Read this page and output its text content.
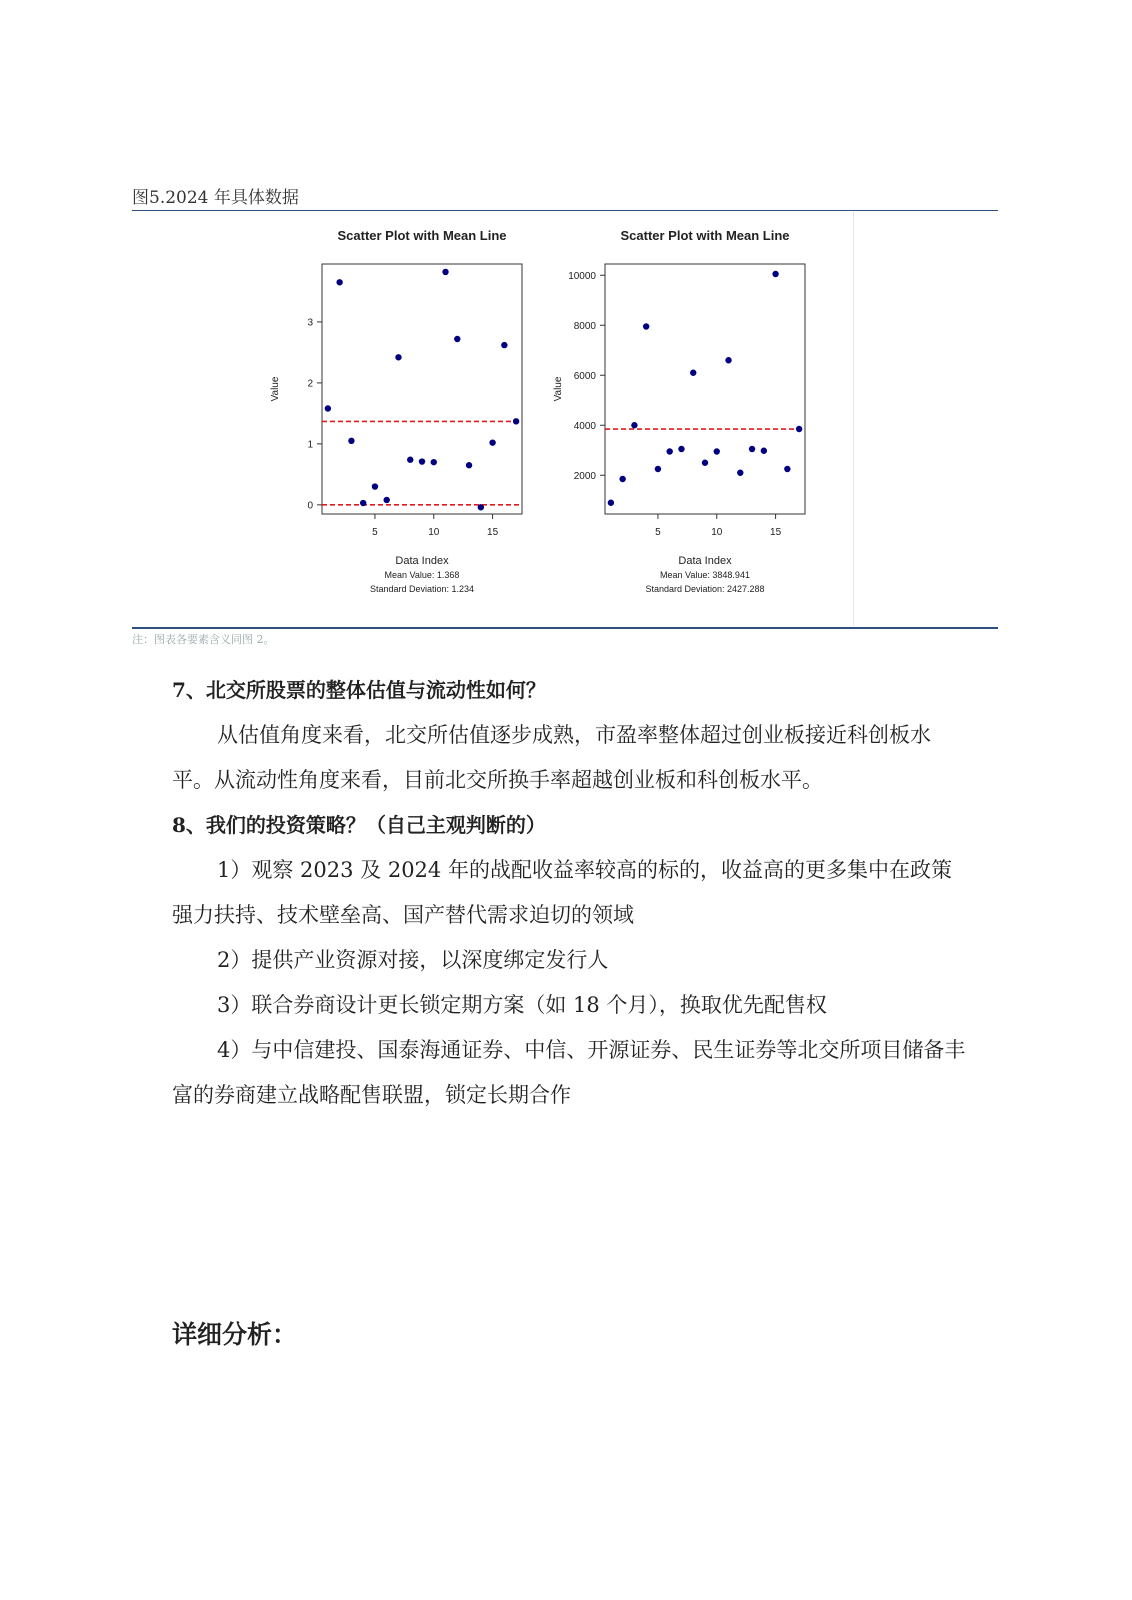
图5.2024 年具体数据
Scatter Plot with Mean Line
0
1
2
3
5	10	15
Value
Data Index
Mean Value: 1.368
Standard Deviation: 1.234
Scatter Plot with Mean Line
2000
4000
6000
8000
10000
5	10	15
Value
Data Index
Mean Value: 3848.941
Standard Deviation: 2427.288
注：图表各要素含义同图 2。

7、北交所股票的整体估值与流动性如何？

从估值角度来看，北交所估值逐步成熟，市盈率整体超过创业板接近科创板水平。从流动性角度来看，目前北交所换手率超越创业板和科创板水平。

8、我们的投资策略？（自己主观判断的）

1）观察 2023 及 2024 年的战配收益率较高的标的，收益高的更多集中在政策强力扶持、技术壁垒高、国产替代需求迫切的领域

2）提供产业资源对接，以深度绑定发行人

3）联合券商设计更长锁定期方案（如 18 个月），换取优先配售权

4）与中信建投、国泰海通证券、中信、开源证券、民生证券等北交所项目储备丰富的券商建立战略配售联盟，锁定长期合作

详细分析：
